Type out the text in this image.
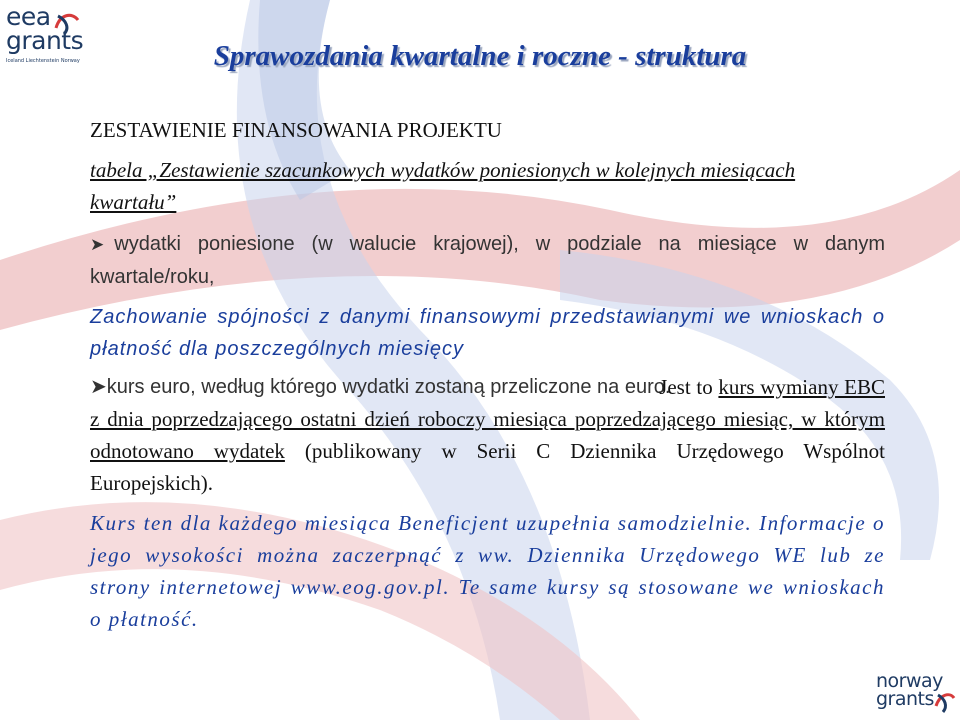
eea
grants
Iceland Liechtenstein Norway
norway
grants
Sprawozdania kwartalne i roczne - struktura

ZESTAWIENIE FINANSOWANIA PROJEKTU

tabela „Zestawienie szacunkowych wydatków poniesionych w kolejnych miesiącach kwartału”

➤ wydatki poniesione (w walucie krajowej), w podziale na miesiące w danym kwartale/roku,

Zachowanie spójności z danymi finansowymi przedstawianymi we wnioskach o płatność dla poszczególnych miesięcy

➤kurs euro, według którego wydatki zostaną przeliczone na euro.

Jest to kurs wymiany EBC z dnia poprzedzającego ostatni dzień roboczy miesiąca poprzedzającego miesiąc, w którym odnotowano wydatek (publikowany w Serii C Dziennika Urzędowego Wspólnot Europejskich).

Kurs ten dla każdego miesiąca Beneficjent uzupełnia samodzielnie. Informacje o jego wysokości można zaczerpnąć z ww. Dziennika Urzędowego WE lub ze strony internetowej www.eog.gov.pl. Te same kursy są stosowane we wnioskach o płatność.
